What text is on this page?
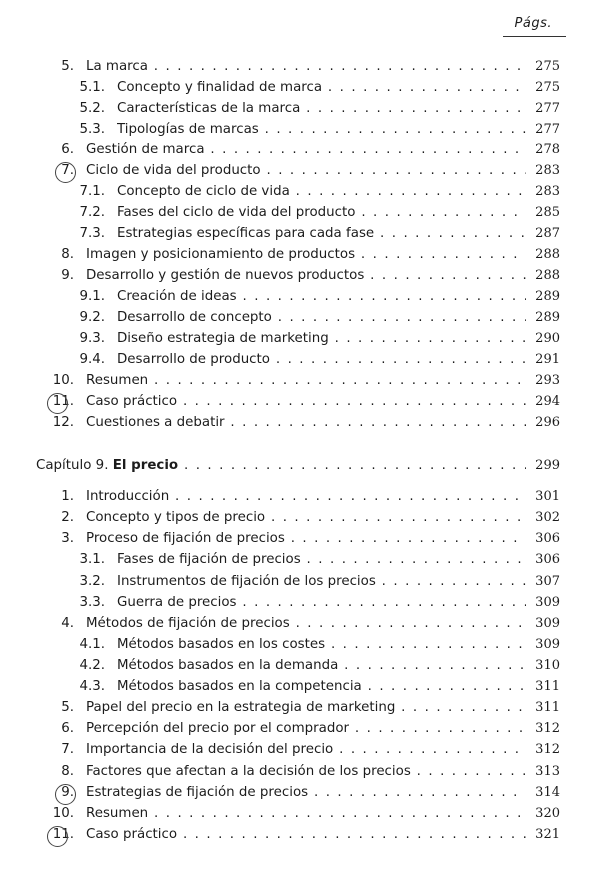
Págs.
5. La marca . . .	275
5.1. Concepto y finalidad de marca . . .	275
5.2. Características de la marca . . .	277
5.3. Tipologías de marcas . . .	277
6. Gestión de marca . . .	278
7. Ciclo de vida del producto . . .	283
7.1. Concepto de ciclo de vida . . .	283
7.2. Fases del ciclo de vida del producto . . .	285
7.3. Estrategias específicas para cada fase . . .	287
8. Imagen y posicionamiento de productos . . .	288
9. Desarrollo y gestión de nuevos productos . . .	288
9.1. Creación de ideas . . .	289
9.2. Desarrollo de concepto . . .	289
9.3. Diseño estrategia de marketing . . .	290
9.4. Desarrollo de producto . . .	291
10. Resumen . . .	293
11. Caso práctico . . .	294
12. Cuestiones a debatir . . .	296
Capítulo 9. El precio . . .	299
1. Introducción . . .	301
2. Concepto y tipos de precio . . .	302
3. Proceso de fijación de precios . . .	306
3.1. Fases de fijación de precios . . .	306
3.2. Instrumentos de fijación de los precios . . .	307
3.3. Guerra de precios . . .	309
4. Métodos de fijación de precios . . .	309
4.1. Métodos basados en los costes . . .	309
4.2. Métodos basados en la demanda . . .	310
4.3. Métodos basados en la competencia . . .	311
5. Papel del precio en la estrategia de marketing . . .	311
6. Percepción del precio por el comprador . . .	312
7. Importancia de la decisión del precio . . .	312
8. Factores que afectan a la decisión de los precios . . .	313
9. Estrategias de fijación de precios . . .	314
10. Resumen . . .	320
11. Caso práctico . . .	321
